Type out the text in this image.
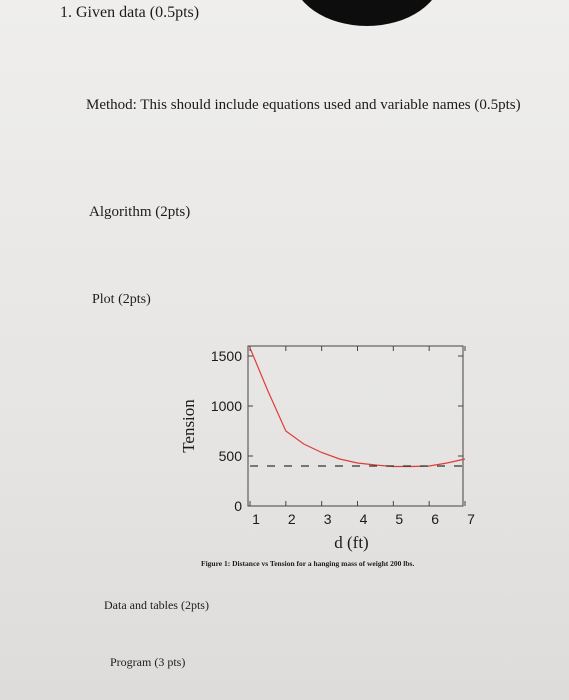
1. Given data (0.5pts)
Method: This should include equations used and variable names (0.5pts)
Algorithm (2pts)
Plot (2pts)
0
500
1000
1500
1 2 3 4 5 6 7
Tension
d (ft)
Figure 1: Distance vs Tension for a hanging mass of weight 200 lbs.
Data and tables (2pts)
Program (3 pts)
